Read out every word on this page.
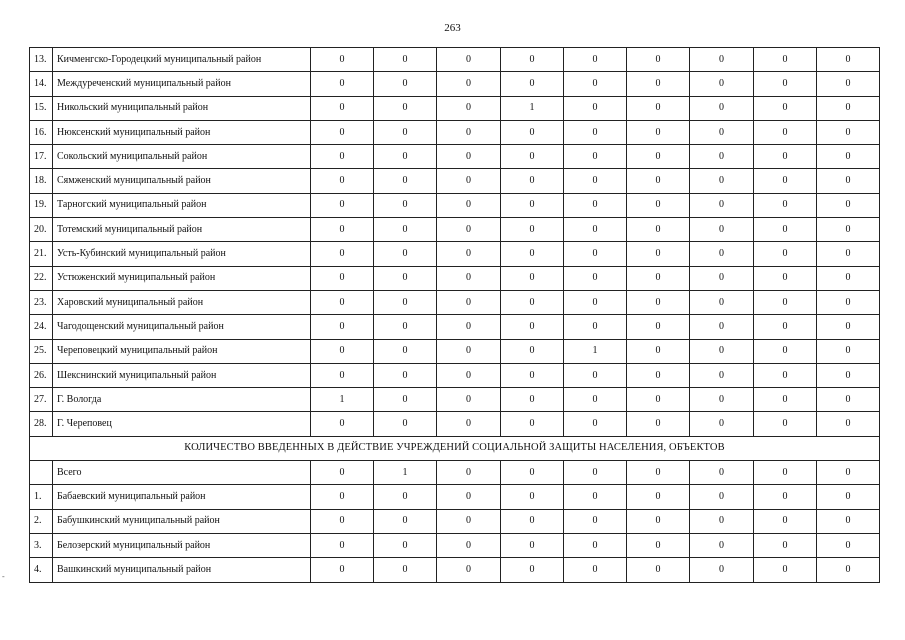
263
-
13.	Кичменгско-Городецкий муниципальный район	0	0	0	0	0	0	0	0	0
14.	Междуреченский муниципальный район	0	0	0	0	0	0	0	0	0
15.	Никольский муниципальный район	0	0	0	1	0	0	0	0	0
16.	Нюксенский муниципальный район	0	0	0	0	0	0	0	0	0
17.	Сокольский муниципальный район	0	0	0	0	0	0	0	0	0
18.	Сямженский муниципальный район	0	0	0	0	0	0	0	0	0
19.	Тарногский муниципальный район	0	0	0	0	0	0	0	0	0
20.	Тотемский муниципальный район	0	0	0	0	0	0	0	0	0
21.	Усть-Кубинский муниципальный район	0	0	0	0	0	0	0	0	0
22.	Устюженский муниципальный район	0	0	0	0	0	0	0	0	0
23.	Харовский муниципальный район	0	0	0	0	0	0	0	0	0
24.	Чагодощенский муниципальный район	0	0	0	0	0	0	0	0	0
25.	Череповецкий муниципальный район	0	0	0	0	1	0	0	0	0
26.	Шекснинский муниципальный район	0	0	0	0	0	0	0	0	0
27.	Г. Вологда	1	0	0	0	0	0	0	0	0
28.	Г. Череповец	0	0	0	0	0	0	0	0	0
КОЛИЧЕСТВО ВВЕДЕННЫХ В ДЕЙСТВИЕ УЧРЕЖДЕНИЙ СОЦИАЛЬНОЙ ЗАЩИТЫ НАСЕЛЕНИЯ, ОБЪЕКТОВ										
	Всего	0	1	0	0	0	0	0	0	0
1.	Бабаевский муниципальный район	0	0	0	0	0	0	0	0	0
2.	Бабушкинский муниципальный район	0	0	0	0	0	0	0	0	0
3.	Белозерский муниципальный район	0	0	0	0	0	0	0	0	0
4.	Вашкинский муниципальный район	0	0	0	0	0	0	0	0	0
